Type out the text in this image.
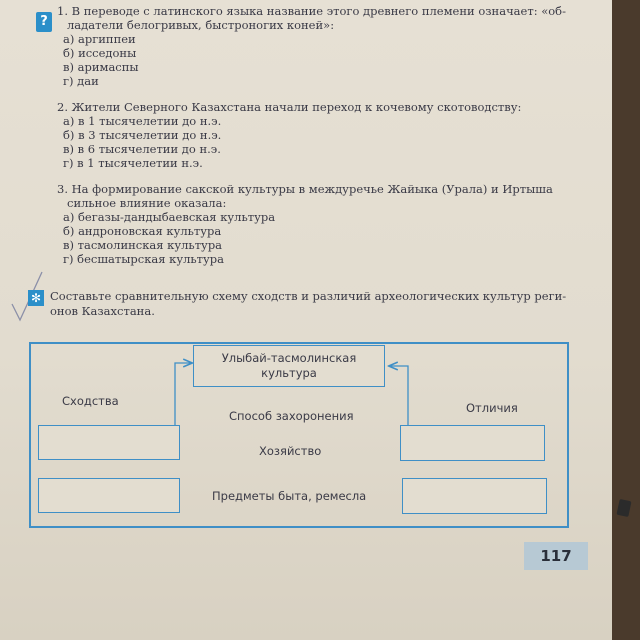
?
1. В переводе с латинского языка название этого древнего племени означает: «об-
ладатели белогривых, быстроногих коней»:
а) аргиппеи
б) исседоны
в) аримаспы
г) даи
2. Жители Северного Казахстана начали переход к кочевому скотоводству:
а) в 1 тысячелетии до н.э.
б) в 3 тысячелетии до н.э.
в) в 6 тысячелетии до н.э.
г) в 1 тысячелетии н.э.
3. На формирование сакской культуры в междуречье Жайыка (Урала) и Иртыша
сильное влияние оказала:
а) бегазы-дандыбаевская культура
б) андроновская культура
в) тасмолинская культура
г) бесшатырская культура
✻ Составьте сравнительную схему сходств и различий археологических культур реги-
онов Казахстана.
Улыбай-тасмолинская
культура
Сходства	Отличия
Способ захоронения
Хозяйство
Предметы быта, ремесла
117
